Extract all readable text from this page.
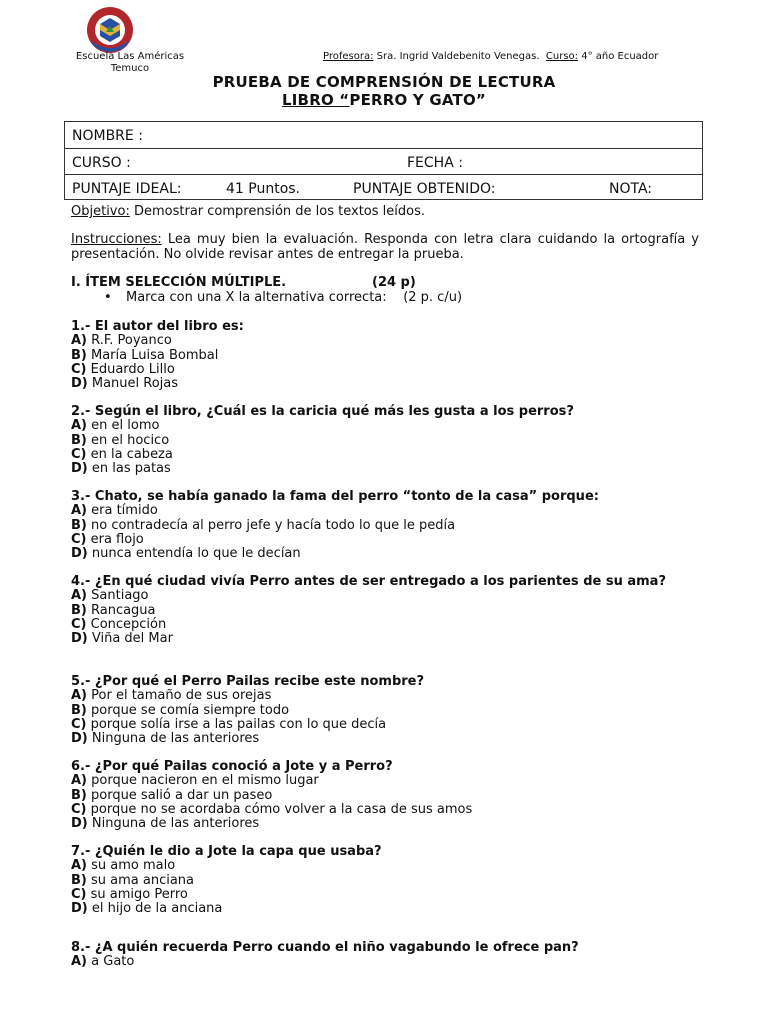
Escuela Las Américas
Temuco
Profesora: Sra. Ingrid Valdebenito Venegas. Curso: 4° año Ecuador
PRUEBA DE COMPRENSIÓN DE LECTURA
LIBRO “PERRO Y GATO”
NOMBRE :
CURSO :	FECHA :
PUNTAJE IDEAL:	41 Puntos.	PUNTAJE OBTENIDO:	NOTA:
Objetivo: Demostrar comprensión de los textos leídos.
Instrucciones: Lea muy bien la evaluación. Responda con letra clara cuidando la ortografía y presentación. No olvide revisar antes de entregar la prueba.
I. ÍTEM SELECCIÓN MÚLTIPLE.	(24 p)
• Marca con una X la alternativa correcta: (2 p. c/u)
1.- El autor del libro es:
A) R.F. Poyanco
B) María Luisa Bombal
C) Eduardo Lillo
D) Manuel Rojas
2.- Según el libro, ¿Cuál es la caricia qué más les gusta a los perros?
A) en el lomo
B) en el hocico
C) en la cabeza
D) en las patas
3.- Chato, se había ganado la fama del perro “tonto de la casa” porque:
A) era tímido
B) no contradecía al perro jefe y hacía todo lo que le pedía
C) era flojo
D) nunca entendía lo que le decían
4.- ¿En qué ciudad vivía Perro antes de ser entregado a los parientes de su ama?
A) Santiago
B) Rancagua
C) Concepción
D) Viña del Mar
5.- ¿Por qué el Perro Pailas recibe este nombre?
A) Por el tamaño de sus orejas
B) porque se comía siempre todo
C) porque solía irse a las pailas con lo que decía
D) Ninguna de las anteriores
6.- ¿Por qué Pailas conoció a Jote y a Perro?
A) porque nacieron en el mismo lugar
B) porque salió a dar un paseo
C) porque no se acordaba cómo volver a la casa de sus amos
D) Ninguna de las anteriores
7.- ¿Quién le dio a Jote la capa que usaba?
A) su amo malo
B) su ama anciana
C) su amigo Perro
D) el hijo de la anciana
8.- ¿A quién recuerda Perro cuando el niño vagabundo le ofrece pan?
A) a Gato
